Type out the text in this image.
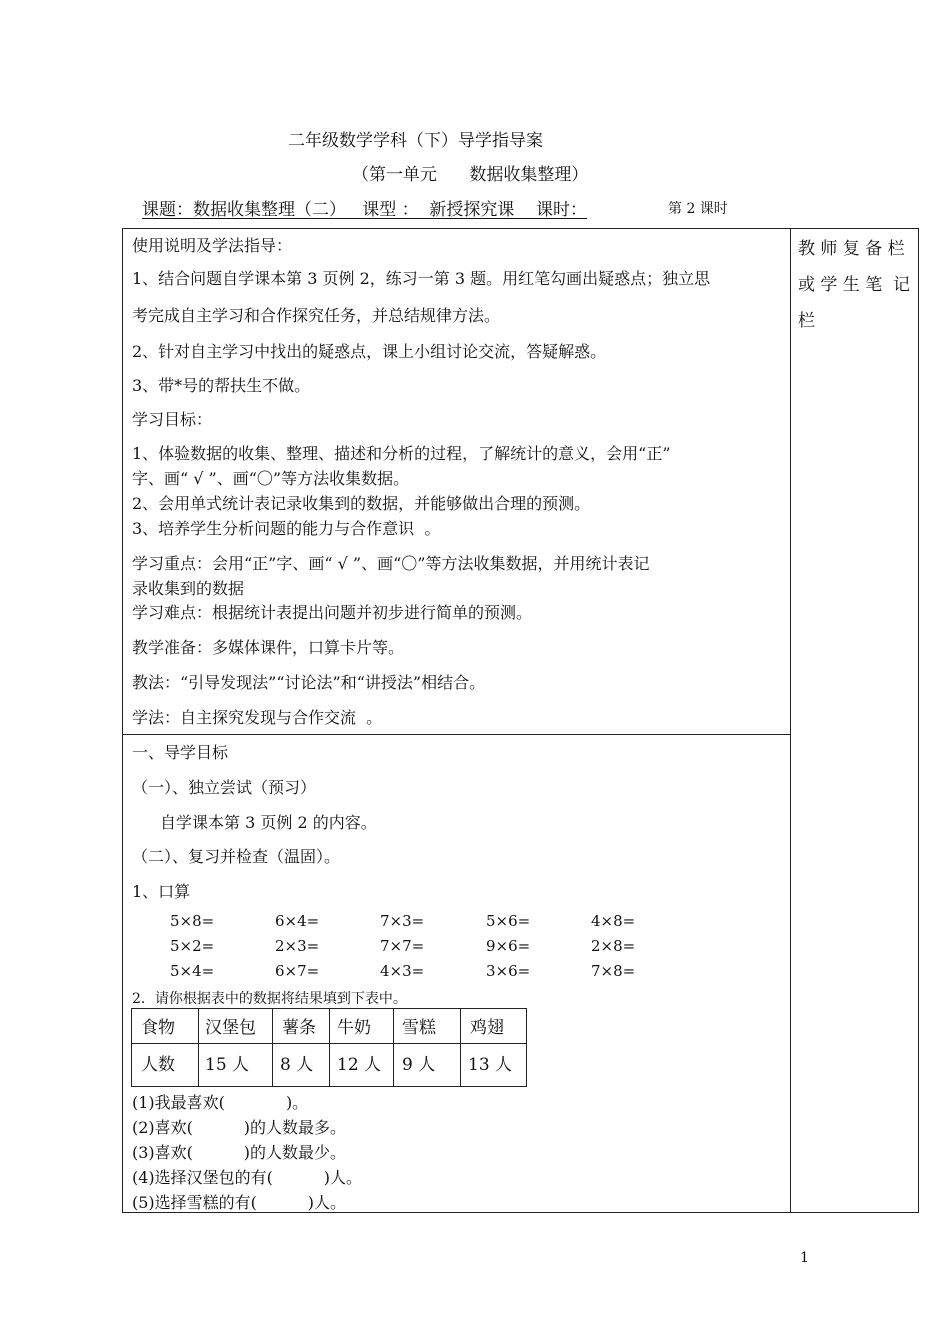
二年级数学学科（下）导学指导案
（第一单元      数据收集整理）
课题：数据收集整理（二）   课型 ：  新授探究课    课时：	第 2 课时
教 师 复 备 栏
或 学 生 笔  记
栏
使用说明及学法指导：
1、结合问题自学课本第 3 页例 2，练习一第 3 题。用红笔勾画出疑惑点；独立思
考完成自主学习和合作探究任务，并总结规律方法。
2、针对自主学习中找出的疑惑点，课上小组讨论交流，答疑解惑。
3、带*号的帮扶生不做。
学习目标：
1、体验数据的收集、整理、描述和分析的过程，了解统计的意义，会用“正”
字、画“ √ ”、画“〇”等方法收集数据。
2、会用单式统计表记录收集到的数据，并能够做出合理的预测。
3、培养学生分析问题的能力与合作意识  。
学习重点：会用“正”字、画“ √ ”、画“〇”等方法收集数据，并用统计表记
录收集到的数据
学习难点：根据统计表提出问题并初步进行简单的预测。
教学准备：多媒体课件，口算卡片等。
教法：“引导发现法”“讨论法”和“讲授法”相结合。
学法：自主探究发现与合作交流  。
一、导学目标
（一）、独立尝试（预习）
自学课本第 3 页例 2 的内容。
（二）、复习并检查（温固）。
1、口算
5×8=	6×4=	7×3=	5×6=	4×8=
5×2=	2×3=	7×7=	9×6=	2×8=
5×4=	6×7=	4×3=	3×6=	7×8=
2．请你根据表中的数据将结果填到下表中。
食物 汉堡包 薯条 牛奶 雪糕 鸡翅
人数 15 人 8 人 12 人 9 人 13 人
(1)我最喜欢(            )。
(2)喜欢(          )的人数最多。
(3)喜欢(          )的人数最少。
(4)选择汉堡包的有(          )人。
(5)选择雪糕的有(          )人。
1
